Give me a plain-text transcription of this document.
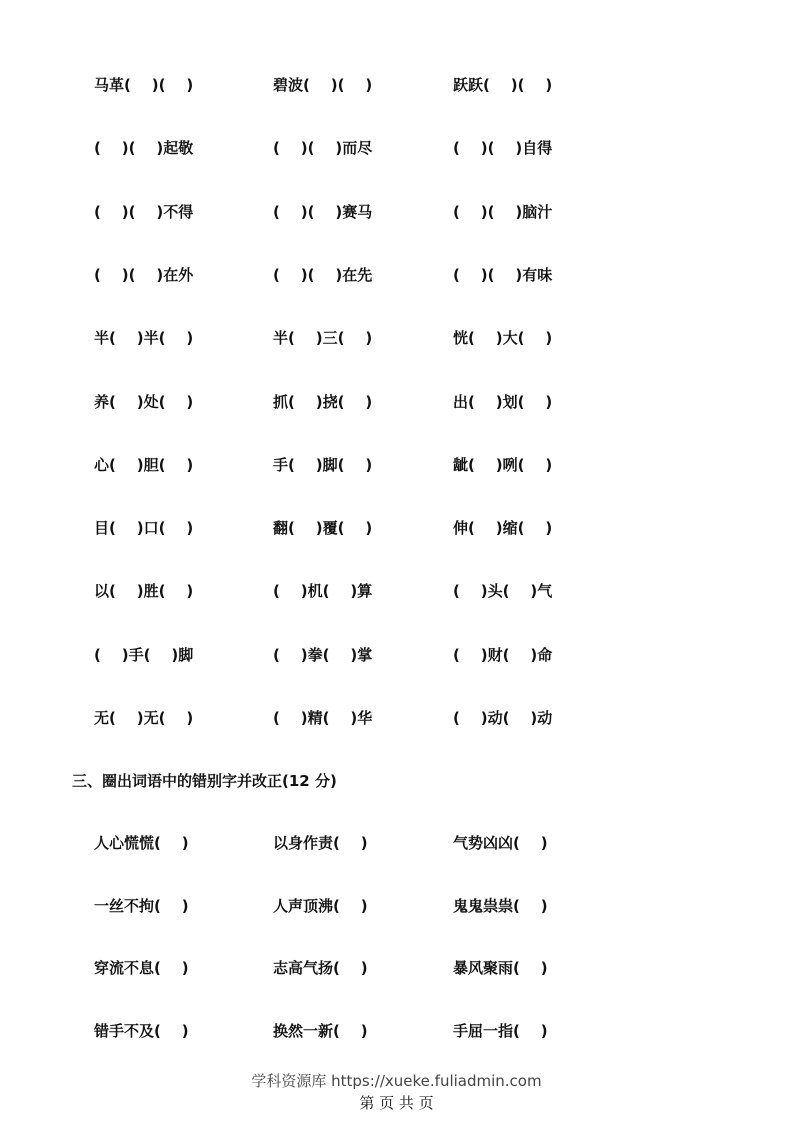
马革(    )(    )	碧波(    )(    )	跃跃(    )(    )
(    )(    )起敬	(    )(    )而尽	(    )(    )自得
(    )(    )不得	(    )(    )赛马	(    )(    )脑汁
(    )(    )在外	(    )(    )在先	(    )(    )有味
半(    )半(    )	半(    )三(    )	恍(    )大(    )
养(    )处(    )	抓(    )挠(    )	出(    )划(    )
心(    )胆(    )	手(    )脚(    )	龇(    )咧(    )
目(    )口(    )	翻(    )覆(    )	伸(    )缩(    )
以(    )胜(    )	(    )机(    )算	(    )头(    )气
(    )手(    )脚	(    )拳(    )掌	(    )财(    )命
无(    )无(    )	(    )精(    )华	(    )动(    )动
三、圈出词语中的错别字并改正(12 分)
人心慌慌(    )	以身作责(    )	气势凶凶(    )
一丝不拘(    )	人声顶沸(    )	鬼鬼祟祟(    )
穿流不息(    )	志高气扬(    )	暴风聚雨(    )
错手不及(    )	换然一新(    )	手屈一指(    )
学科资源库 https://xueke.fuliadmin.com
第 页 共 页
